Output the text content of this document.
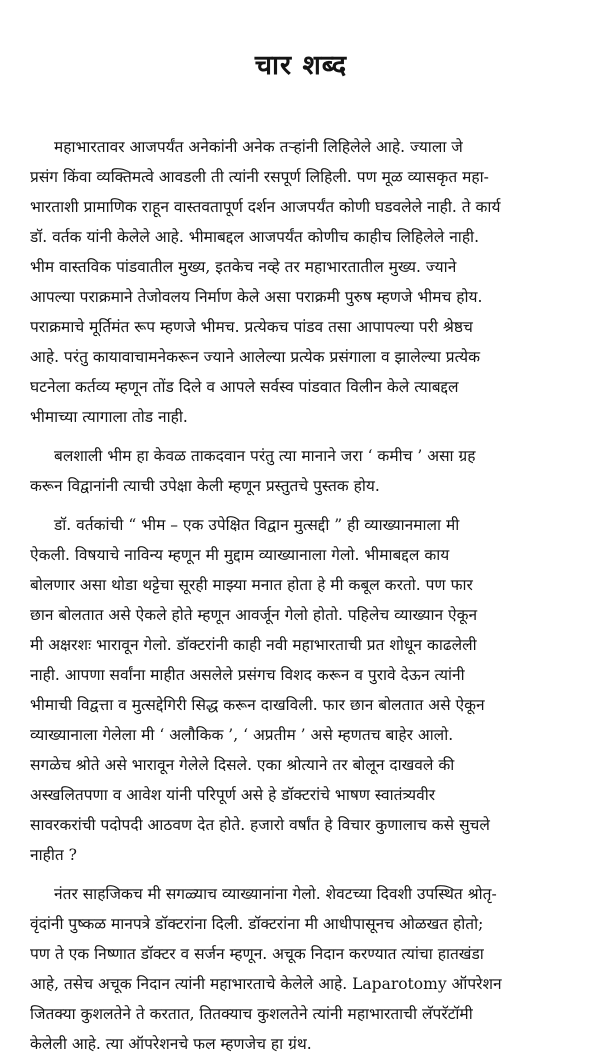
चार शब्द
महाभारतावर आजपर्यंत अनेकांनी अनेक तऱ्हांनी लिहिलेले आहे. ज्याला जे
प्रसंग किंवा व्यक्तिमत्वे आवडली ती त्यांनी रसपूर्ण लिहिली. पण मूळ व्यासकृत महा-
भारताशी प्रामाणिक राहून वास्तवतापूर्ण दर्शन आजपर्यंत कोणी घडवलेले नाही. ते कार्य
डॉ. वर्तक यांनी केलेले आहे. भीमाबद्दल आजपर्यंत कोणीच काहीच लिहिलेले नाही.
भीम वास्तविक पांडवातील मुख्य, इतकेच नव्हे तर महाभारतातील मुख्य. ज्याने
आपल्या पराक्रमाने तेजोवलय निर्माण केले असा पराक्रमी पुरुष म्हणजे भीमच होय.
पराक्रमाचे मूर्तिमंत रूप म्हणजे भीमच. प्रत्येकच पांडव तसा आपापल्या परी श्रेष्ठच
आहे. परंतु कायावाचामनेकरून ज्याने आलेल्या प्रत्येक प्रसंगाला व झालेल्या प्रत्येक
घटनेला कर्तव्य म्हणून तोंड दिले व आपले सर्वस्व पांडवात विलीन केले त्याबद्दल
भीमाच्या त्यागाला तोड नाही.
बलशाली भीम हा केवळ ताकदवान परंतु त्या मानाने जरा ‘ कमीच ’ असा ग्रह
करून विद्वानांनी त्याची उपेक्षा केली म्हणून प्रस्तुतचे पुस्तक होय.
डॉ. वर्तकांची “ भीम – एक उपेक्षित विद्वान मुत्सद्दी ” ही व्याख्यानमाला मी
ऐकली. विषयाचे नाविन्य म्हणून मी मुद्दाम व्याख्यानाला गेलो. भीमाबद्दल काय
बोलणार असा थोडा थट्टेचा सूरही माझ्या मनात होता हे मी कबूल करतो. पण फार
छान बोलतात असे ऐकले होते म्हणून आवर्जून गेलो होतो. पहिलेच व्याख्यान ऐकून
मी अक्षरशः भारावून गेलो. डॉक्टरांनी काही नवी महाभारताची प्रत शोधून काढलेली
नाही. आपणा सर्वांना माहीत असलेले प्रसंगच विशद करून व पुरावे देऊन त्यांनी
भीमाची विद्वत्ता व मुत्सद्देगिरी सिद्ध करून दाखविली. फार छान बोलतात असे ऐकून
व्याख्यानाला गेलेला मी ‘ अलौकिक ’, ‘ अप्रतीम ’ असे म्हणतच बाहेर आलो.
सगळेच श्रोते असे भारावून गेलेले दिसले. एका श्रोत्याने तर बोलून दाखवले की
अस्खलितपणा व आवेश यांनी परिपूर्ण असे हे डॉक्टरांचे भाषण स्वातंत्र्यवीर
सावरकरांची पदोपदी आठवण देत होते. हजारो वर्षांत हे विचार कुणालाच कसे सुचले
नाहीत ?
नंतर साहजिकच मी सगळ्याच व्याख्यानांना गेलो. शेवटच्या दिवशी उपस्थित श्रोतृ-
वृंदांनी पुष्कळ मानपत्रे डॉक्टरांना दिली. डॉक्टरांना मी आधीपासूनच ओळखत होतो;
पण ते एक निष्णात डॉक्टर व सर्जन म्हणून. अचूक निदान करण्यात त्यांचा हातखंडा
आहे, तसेच अचूक निदान त्यांनी महाभारताचे केलेले आहे. Laparotomy ऑपरेशन
जितक्या कुशलतेने ते करतात, तितक्याच कुशलतेने त्यांनी महाभारताची लॅपरॅटॉमी
केलेली आहे. त्या ऑपरेशनचे फल म्हणजेच हा ग्रंथ.
